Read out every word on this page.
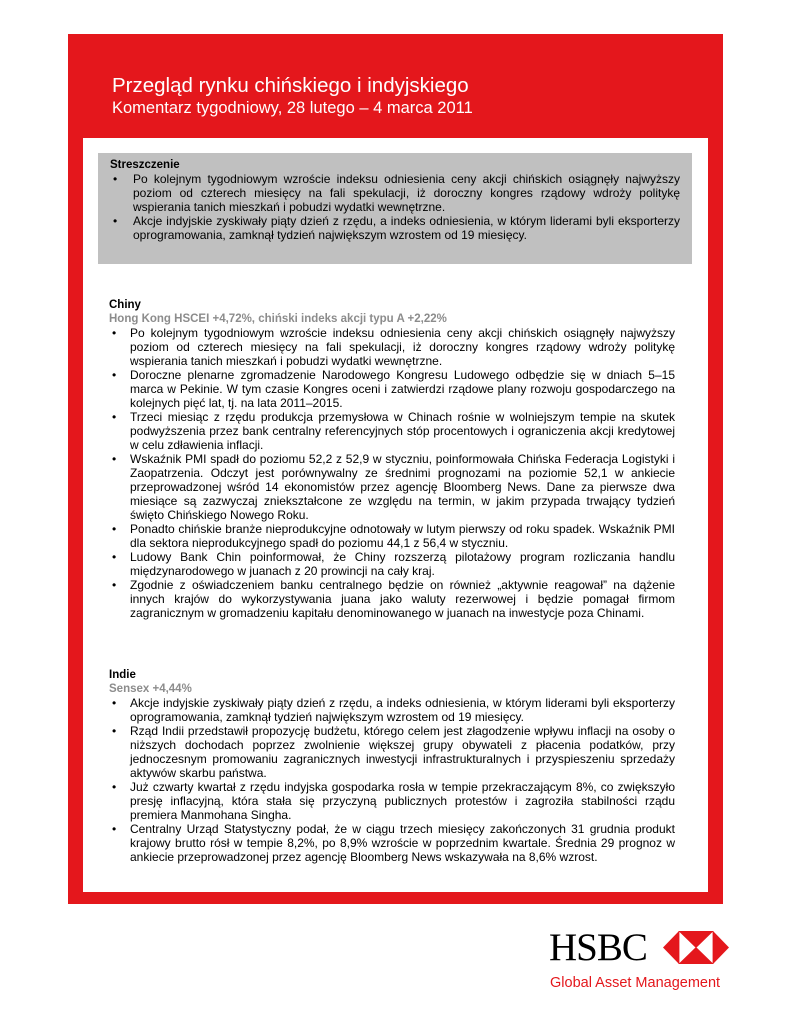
Przegląd rynku chińskiego i indyjskiego
Komentarz tygodniowy, 28 lutego – 4 marca 2011
Streszczenie
• Po kolejnym tygodniowym wzroście indeksu odniesienia ceny akcji chińskich osiągnęły najwyższy poziom od czterech miesięcy na fali spekulacji, iż doroczny kongres rządowy wdroży politykę wspierania tanich mieszkań i pobudzi wydatki wewnętrzne.
• Akcje indyjskie zyskiwały piąty dzień z rzędu, a indeks odniesienia, w którym liderami byli eksporterzy oprogramowania, zamknął tydzień największym wzrostem od 19 miesięcy.
Chiny
Hong Kong HSCEI +4,72%, chiński indeks akcji typu A +2,22%
• Po kolejnym tygodniowym wzroście indeksu odniesienia ceny akcji chińskich osiągnęły najwyższy poziom od czterech miesięcy na fali spekulacji, iż doroczny kongres rządowy wdroży politykę wspierania tanich mieszkań i pobudzi wydatki wewnętrzne.
• Doroczne plenarne zgromadzenie Narodowego Kongresu Ludowego odbędzie się w dniach 5–15 marca w Pekinie. W tym czasie Kongres oceni i zatwierdzi rządowe plany rozwoju gospodarczego na kolejnych pięć lat, tj. na lata 2011–2015.
• Trzeci miesiąc z rzędu produkcja przemysłowa w Chinach rośnie w wolniejszym tempie na skutek podwyższenia przez bank centralny referencyjnych stóp procentowych i ograniczenia akcji kredytowej w celu zdławienia inflacji.
• Wskaźnik PMI spadł do poziomu 52,2 z 52,9 w styczniu, poinformowała Chińska Federacja Logistyki i Zaopatrzenia. Odczyt jest porównywalny ze średnimi prognozami na poziomie 52,1 w ankiecie przeprowadzonej wśród 14 ekonomistów przez agencję Bloomberg News. Dane za pierwsze dwa miesiące są zazwyczaj zniekształcone ze względu na termin, w jakim przypada trwający tydzień święto Chińskiego Nowego Roku.
• Ponadto chińskie branże nieprodukcyjne odnotowały w lutym pierwszy od roku spadek. Wskaźnik PMI dla sektora nieprodukcyjnego spadł do poziomu 44,1 z 56,4 w styczniu.
• Ludowy Bank Chin poinformował, że Chiny rozszerzą pilotażowy program rozliczania handlu międzynarodowego w juanach z 20 prowincji na cały kraj.
• Zgodnie z oświadczeniem banku centralnego będzie on również „aktywnie reagował” na dążenie innych krajów do wykorzystywania juana jako waluty rezerwowej i będzie pomagał firmom zagranicznym w gromadzeniu kapitału denominowanego w juanach na inwestycje poza Chinami.
Indie
Sensex +4,44%
• Akcje indyjskie zyskiwały piąty dzień z rzędu, a indeks odniesienia, w którym liderami byli eksporterzy oprogramowania, zamknął tydzień największym wzrostem od 19 miesięcy.
• Rząd Indii przedstawił propozycję budżetu, którego celem jest złagodzenie wpływu inflacji na osoby o niższych dochodach poprzez zwolnienie większej grupy obywateli z płacenia podatków, przy jednoczesnym promowaniu zagranicznych inwestycji infrastrukturalnych i przyspieszeniu sprzedaży aktywów skarbu państwa.
• Już czwarty kwartał z rzędu indyjska gospodarka rosła w tempie przekraczającym 8%, co zwiększyło presję inflacyjną, która stała się przyczyną publicznych protestów i zagroziła stabilności rządu premiera Manmohana Singha.
• Centralny Urząd Statystyczny podał, że w ciągu trzech miesięcy zakończonych 31 grudnia produkt krajowy brutto rósł w tempie 8,2%, po 8,9% wzroście w poprzednim kwartale. Średnia 29 prognoz w ankiecie przeprowadzonej przez agencję Bloomberg News wskazywała na 8,6% wzrost.
HSBC
Global Asset Management
